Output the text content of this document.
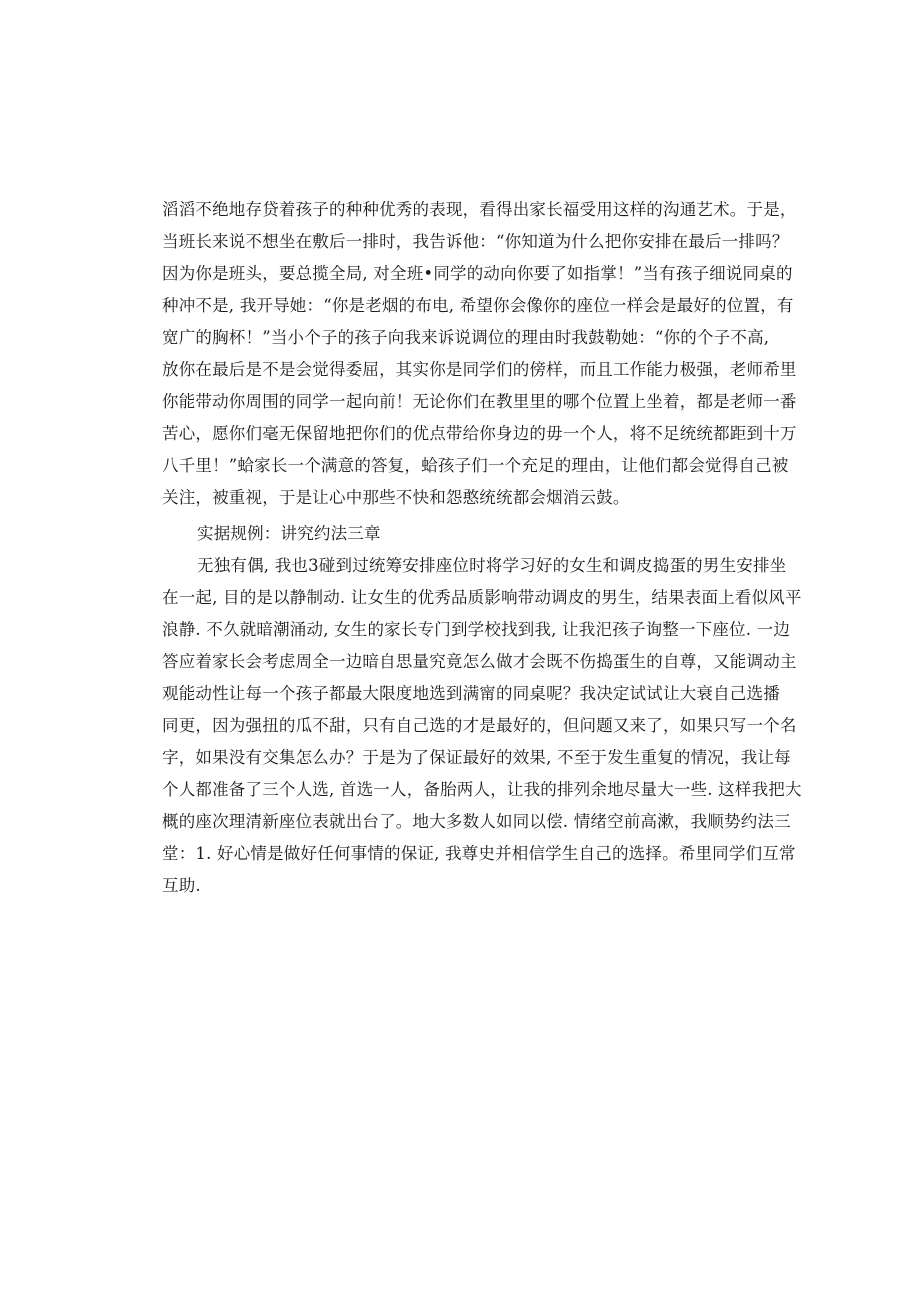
滔滔不绝地存贷着孩子的种种优秀的表现，看得出家长福受用这样的沟通艺术。于是，
当班长来说不想坐在敷后一排时，我告诉他：“你知道为什么把你安排在最后一排吗？
因为你是班头，要总揽全局, 对全班•同学的动向你要了如指掌！”当有孩子细说同桌的
种冲不是, 我开导她：“你是老烟的布电, 希望你会像你的座位一样会是最好的位置，有
宽广的胸杯！”当小个子的孩子向我来诉说调位的理由时我鼓勒她：“你的个子不高,
放你在最后是不是会觉得委屈，其实你是同学们的傍样，而且工作能力极强，老师希里
你能带动你周围的同学一起向前！无论你们在教里里的哪个位置上坐着，都是老师一番
苦心，愿你们毫无保留地把你们的优点带给你身边的毋一个人，将不足统统都距到十万
八千里！”蛤家长一个满意的答复，蛤孩子们一个充足的理由，让他们都会觉得自己被
关注，被重视，于是让心中那些不快和怨憨统统都会烟消云鼓。
实据规例：讲究约法三章
无独有偶, 我也3碰到过统筹安排座位时将学习好的女生和调皮捣蛋的男生安排坐
在一起, 目的是以静制动. 让女生的优秀品质影响带动调皮的男生，结果表面上看似风平
浪静. 不久就暗潮涌动, 女生的家长专门到学校找到我, 让我汜孩子询整一下座位. 一边
答应着家长会考虑周全一边暗自思量究竟怎么做才会既不伤捣蛋生的自尊，又能调动主
观能动性让每一个孩子都最大限度地选到满甯的同桌呢？我决定试试让大衰自己选播
同更，因为强扭的瓜不甜，只有自己选的才是最好的，但问题又来了，如果只写一个名
字，如果没有交集怎么办？于是为了保证最好的效果, 不至于发生重复的情况，我让每
个人都准备了三个人选, 首选一人，备胎两人，让我的排列余地尽量大一些. 这样我把大
概的座次理清新座位表就出台了。地大多数人如同以偿. 情绪空前高漱，我顺势约法三
堂：1. 好心情是做好任何事情的保证, 我尊史并相信学生自己的选择。希里同学们互常
互助.
